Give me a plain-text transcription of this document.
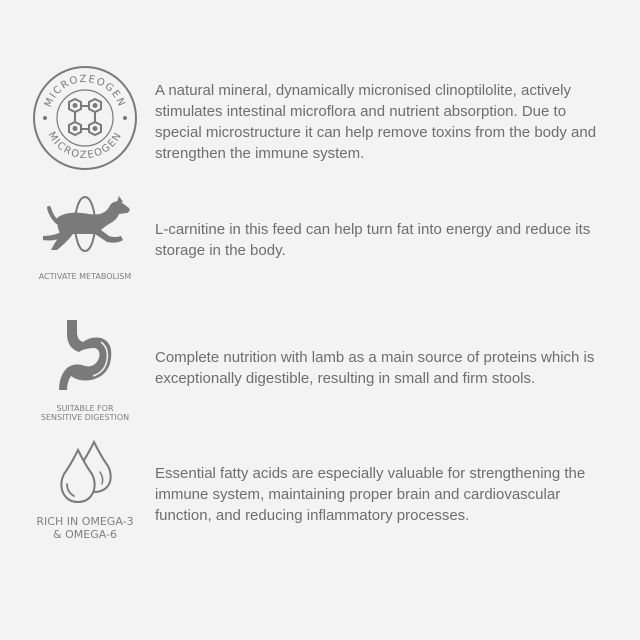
MICROZEOGEN
MICROZEOGEN
A natural mineral, dynamically micronised clinoptilolite, actively stimulates intestinal microflora and nutrient absorption. Due to special microstructure it can help remove toxins from the body and strengthen the immune system.
ACTIVATE METABOLISM
L-carnitine in this feed can help turn fat into energy and reduce its storage in the body.
SUITABLE FOR
SENSITIVE DIGESTION
Complete nutrition with lamb as a main source of proteins which is exceptionally digestible, resulting in small and firm stools.
RICH IN OMEGA-3
& OMEGA-6
Essential fatty acids are especially valuable for strengthening the immune system, maintaining proper brain and cardiovascular function, and reducing inflammatory processes.
